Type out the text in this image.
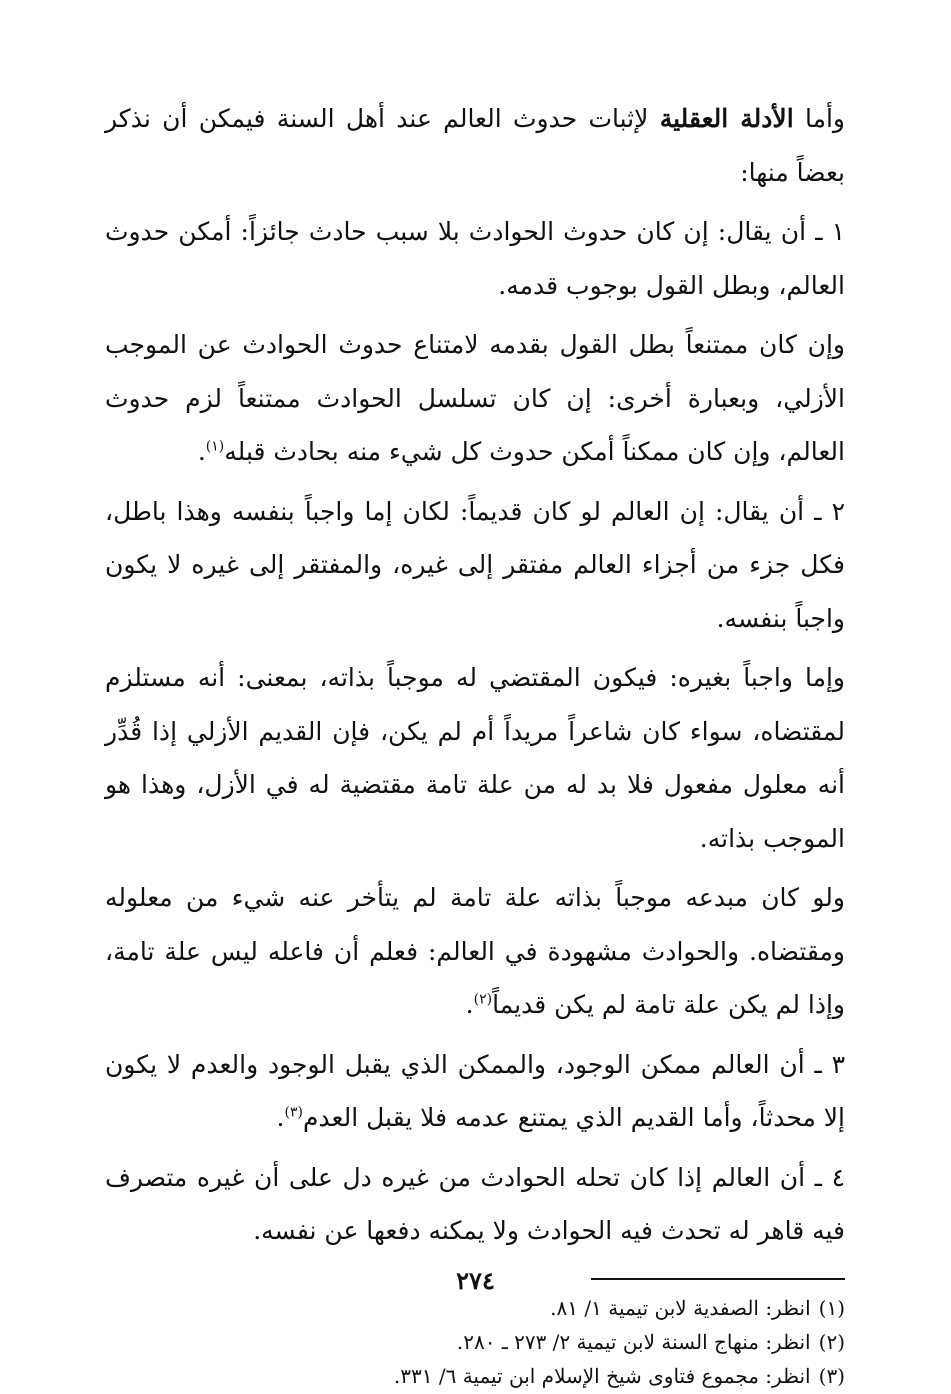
وأما الأدلة العقلية لإثبات حدوث العالم عند أهل السنة فيمكن أن نذكر بعضاً منها:

١ ـ أن يقال: إن كان حدوث الحوادث بلا سبب حادث جائزاً: أمكن حدوث العالم، وبطل القول بوجوب قدمه.

وإن كان ممتنعاً بطل القول بقدمه لامتناع حدوث الحوادث عن الموجب الأزلي، وبعبارة أخرى: إن كان تسلسل الحوادث ممتنعاً لزم حدوث العالم، وإن كان ممكناً أمكن حدوث كل شيء منه بحادث قبله$^{(١)}$.

٢ ـ أن يقال: إن العالم لو كان قديماً: لكان إما واجباً بنفسه وهذا باطل، فكل جزء من أجزاء العالم مفتقر إلى غيره، والمفتقر إلى غيره لا يكون واجباً بنفسه.

وإما واجباً بغيره: فيكون المقتضي له موجباً بذاته، بمعنى: أنه مستلزم لمقتضاه، سواء كان شاعراً مريداً أم لم يكن، فإن القديم الأزلي إذا قُدِّر أنه معلول مفعول فلا بد له من علة تامة مقتضية له في الأزل، وهذا هو الموجب بذاته.

ولو كان مبدعه موجباً بذاته علة تامة لم يتأخر عنه شيء من معلوله ومقتضاه. والحوادث مشهودة في العالم: فعلم أن فاعله ليس علة تامة، وإذا لم يكن علة تامة لم يكن قديماً$^{(٢)}$.

٣ ـ أن العالم ممكن الوجود، والممكن الذي يقبل الوجود والعدم لا يكون إلا محدثاً، وأما القديم الذي يمتنع عدمه فلا يقبل العدم$^{(٣)}$.

٤ ـ أن العالم إذا كان تحله الحوادث من غيره دل على أن غيره متصرف فيه قاهر له تحدث فيه الحوادث ولا يمكنه دفعها عن نفسه.

(١)انظر: الصفدية لابن تيمية ١/ ٨١.
(٢)انظر: منهاج السنة لابن تيمية ٢/ ٢٧٣ ـ ٢٨٠.
(٣)انظر: مجموع فتاوى شيخ الإسلام ابن تيمية ٦/ ٣٣١.
٢٧٤
